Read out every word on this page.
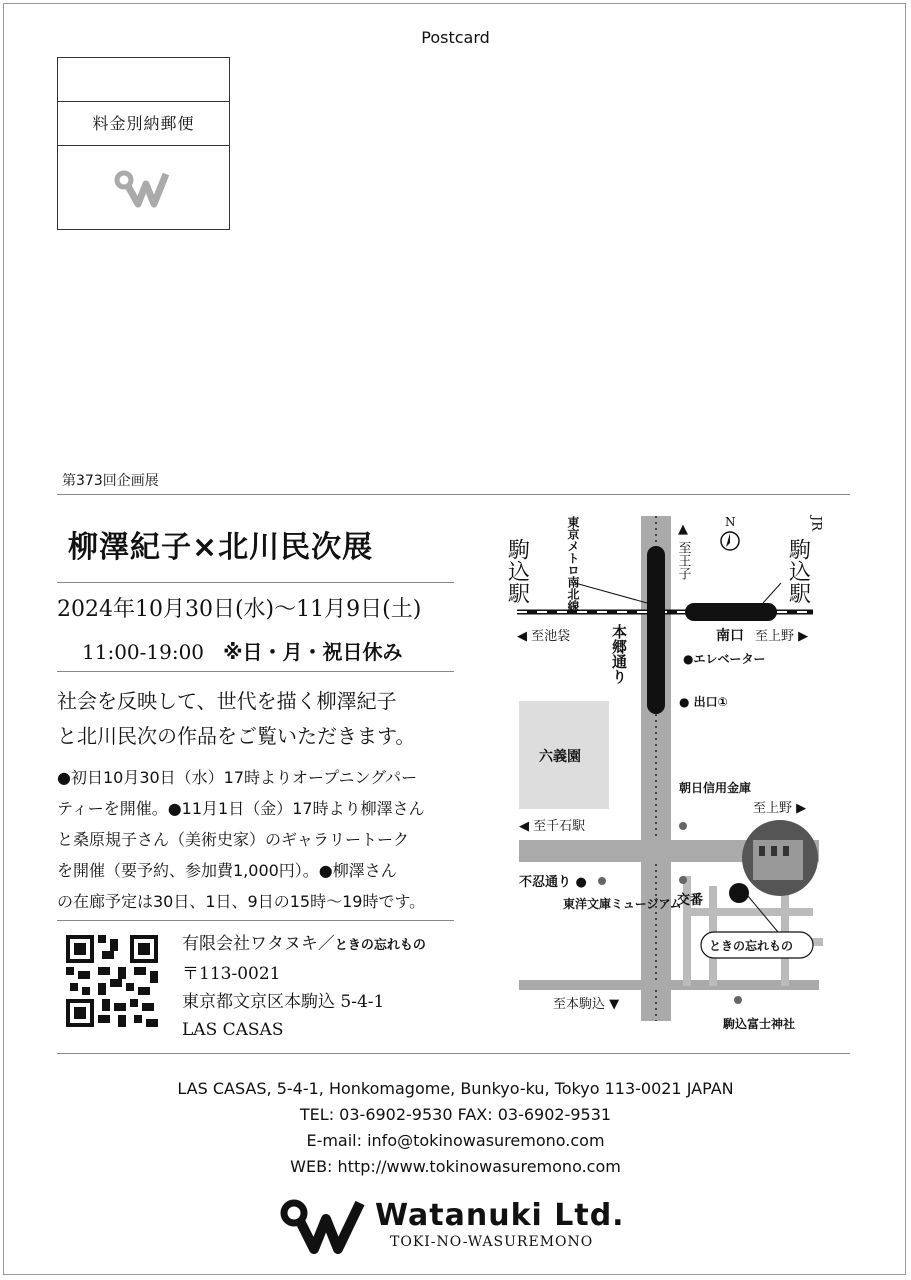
Postcard
料金別納郵便
第373回企画展
柳澤紀子×北川民次展
2024年10月30日(水)〜11月9日(土)
11:00-19:00 ※日・月・祝日休み
社会を反映して、世代を描く柳澤紀子
と北川民次の作品をご覧いただきます。
●初日10月30日（水）17時よりオープニングパー
ティーを開催。●11月1日（金）17時より柳澤さん
と桑原規子さん（美術史家）のギャラリートーク
を開催（要予約、参加費1,000円）。●柳澤さん
の在廊予定は30日、1日、9日の15時〜19時です。
有限会社ワタヌキ／ときの忘れもの
〒113-0021
東京都文京区本駒込 5-4-1
LAS CASAS
N
駒込駅	東京メトロ南北線	駒込駅
JR
◀ 至池袋
▲ 至王子
本郷通り
北口
南口 至上野 ▶
●エレベーター
● 出口①
六義園
朝日信用金庫
至上野 ▶
◀ 至千石駅
不忍通り ●
東洋文庫ミュージアム
交番
ときの忘れもの
至本駒込 ▼
駒込富士神社
LAS CASAS, 5-4-1, Honkomagome, Bunkyo-ku, Tokyo 113-0021 JAPAN
TEL: 03-6902-9530 FAX: 03-6902-9531
E-mail: info@tokinowasuremono.com
WEB: http://www.tokinowasuremono.com
Watanuki Ltd.
TOKI-NO-WASUREMONO
